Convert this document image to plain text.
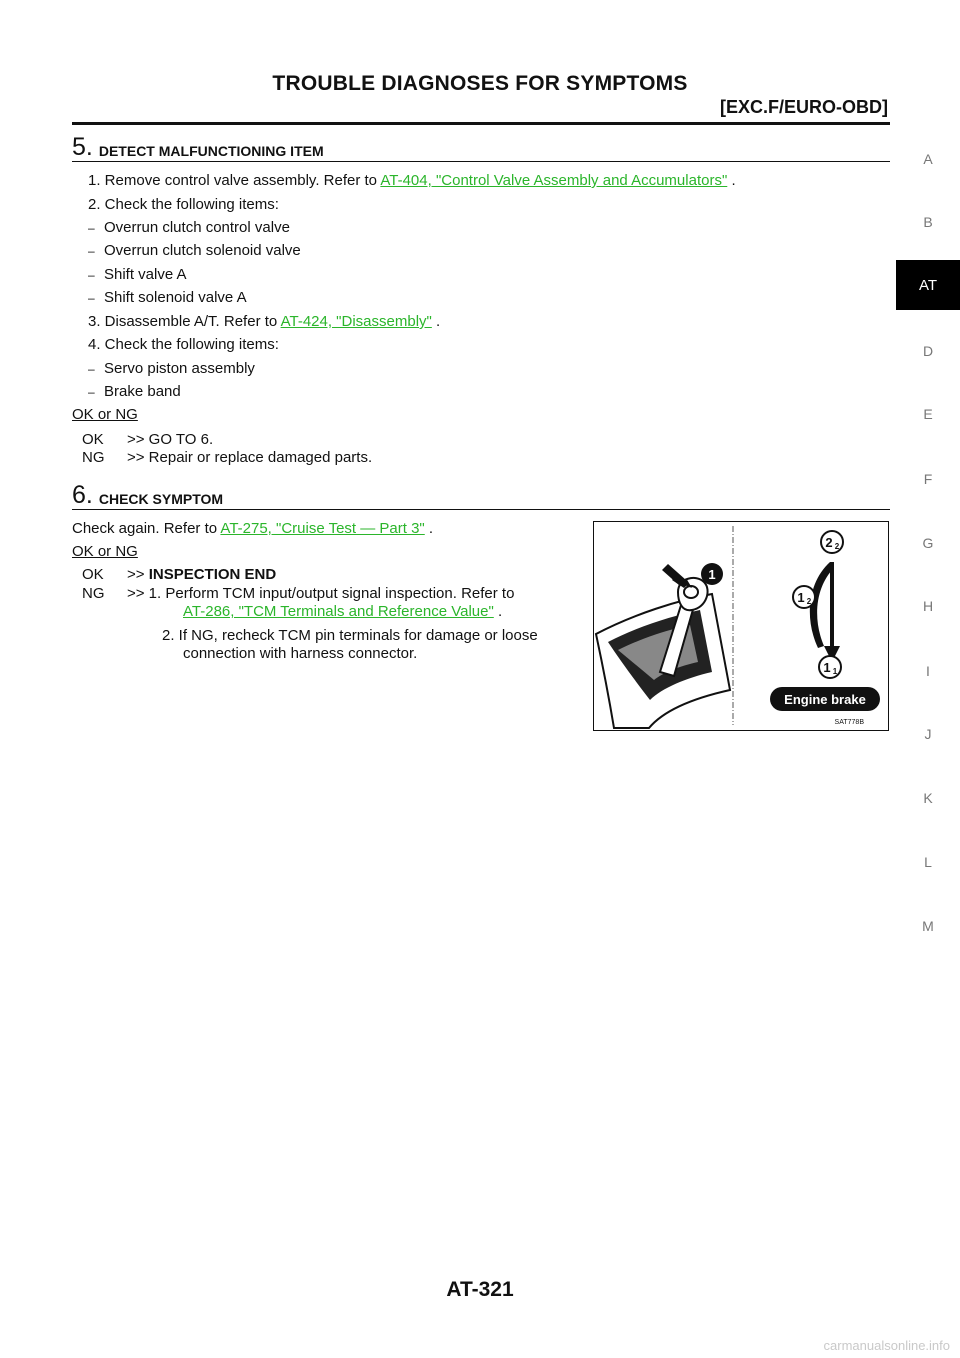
TROUBLE DIAGNOSES FOR SYMPTOMS
[EXC.F/EURO-OBD]
5. DETECT MALFUNCTIONING ITEM
1. Remove control valve assembly. Refer to AT-404, "Control Valve Assembly and Accumulators" .
2. Check the following items:
– Overrun clutch control valve
– Overrun clutch solenoid valve
– Shift valve A
– Shift solenoid valve A
3. Disassemble A/T. Refer to AT-424, "Disassembly" .
4. Check the following items:
– Servo piston assembly
– Brake band
OK or NG
OK >> GO TO 6.
NG >> Repair or replace damaged parts.
6. CHECK SYMPTOM
Check again. Refer to AT-275, "Cruise Test — Part 3" .
OK or NG
OK >> INSPECTION END
NG >> 1. Perform TCM input/output signal inspection. Refer to
AT-286, "TCM Terminals and Reference Value" .
2. If NG, recheck TCM pin terminals for damage or loose
connection with harness connector.
1
2 2
1 2
1 1
Engine brake
SAT778B
A
B
AT
D
E
F
G
H
I
J
K
L
M
AT-321
carmanualsonline.info
